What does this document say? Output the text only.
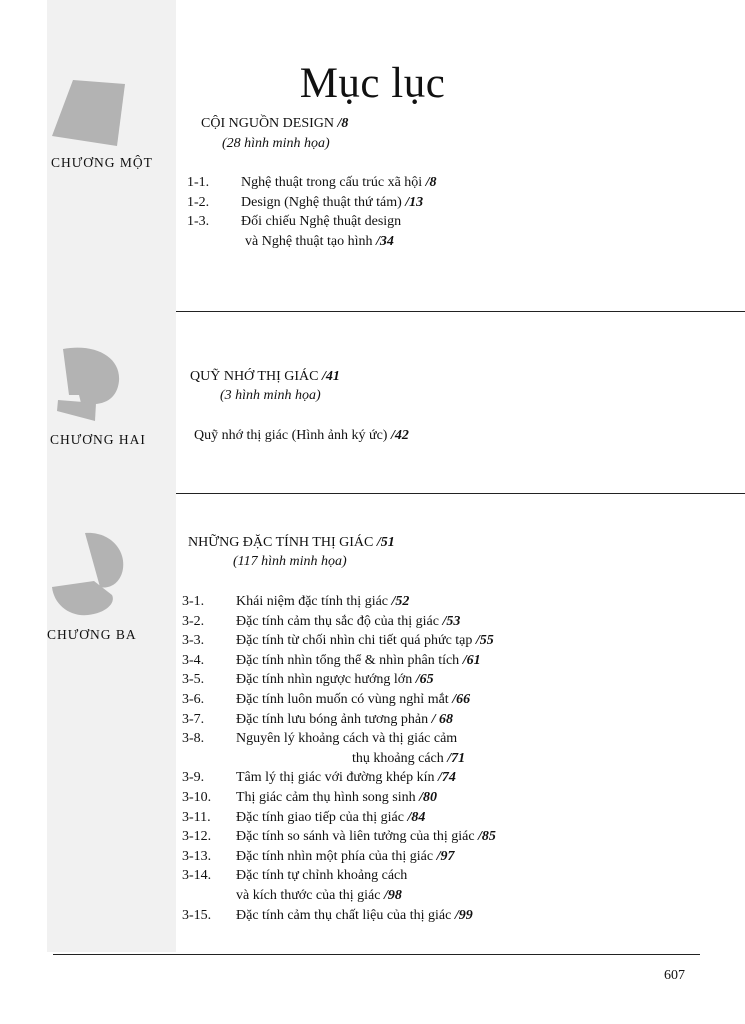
Mục lục
CHƯƠNG MỘT
CỘI NGUỒN DESIGN /8
(28 hình minh họa)
1-1. Nghệ thuật trong cấu trúc xã hội /8
1-2. Design (Nghệ thuật thứ tám) /13
1-3. Đối chiếu Nghệ thuật design
và Nghệ thuật tạo hình /34
CHƯƠNG HAI
QUỸ NHỚ THỊ GIÁC /41
(3 hình minh họa)
Quỹ nhớ thị giác (Hình ảnh ký ức) /42
CHƯƠNG BA
NHỮNG ĐẶC TÍNH THỊ GIÁC /51
(117 hình minh họa)
3-1. Khái niệm đặc tính thị giác /52
3-2. Đặc tính cảm thụ sắc độ của thị giác /53
3-3. Đặc tính từ chối nhìn chi tiết quá phức tạp /55
3-4. Đặc tính nhìn tổng thể & nhìn phân tích /61
3-5. Đặc tính nhìn ngược hướng lớn /65
3-6. Đặc tính luôn muốn có vùng nghỉ mắt /66
3-7. Đặc tính lưu bóng ảnh tương phản / 68
3-8. Nguyên lý khoảng cách và thị giác cảm
thụ khoảng cách /71
3-9. Tâm lý thị giác với đường khép kín /74
3-10. Thị giác cảm thụ hình song sinh /80
3-11. Đặc tính giao tiếp của thị giác /84
3-12. Đặc tính so sánh và liên tưởng của thị giác /85
3-13. Đặc tính nhìn một phía của thị giác /97
3-14. Đặc tính tự chỉnh khoảng cách
và kích thước của thị giác /98
3-15. Đặc tính cảm thụ chất liệu của thị giác /99
607
